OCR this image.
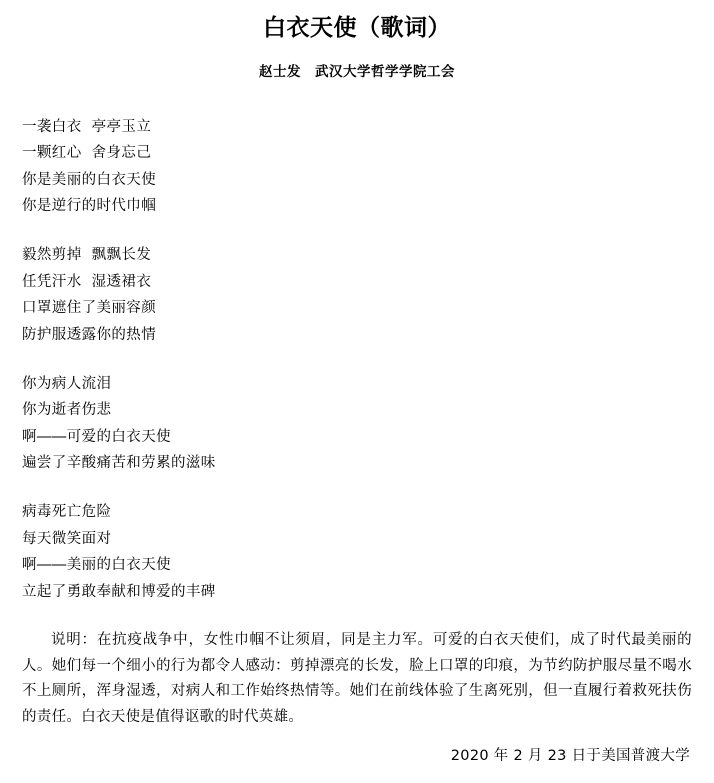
白衣天使（歌词）
赵士发　武汉大学哲学学院工会
一袭白衣  亭亭玉立
一颗红心  舍身忘己
你是美丽的白衣天使
你是逆行的时代巾帼
毅然剪掉  飘飘长发
任凭汗水  湿透裙衣
口罩遮住了美丽容颜
防护服透露你的热情
你为病人流泪
你为逝者伤悲
啊――可爱的白衣天使
遍尝了辛酸痛苦和劳累的滋味
病毒死亡危险
每天微笑面对
啊――美丽的白衣天使
立起了勇敢奉献和博爱的丰碑
说明：在抗疫战争中，女性巾帼不让须眉，同是主力军。可爱的白衣天使们，成了时代最美丽的人。她们每一个细小的行为都令人感动：剪掉漂亮的长发，脸上口罩的印痕，为节约防护服尽量不喝水不上厕所，浑身湿透，对病人和工作始终热情等。她们在前线体验了生离死别，但一直履行着救死扶伤的责任。白衣天使是值得讴歌的时代英雄。
2020 年 2 月 23 日于美国普渡大学
